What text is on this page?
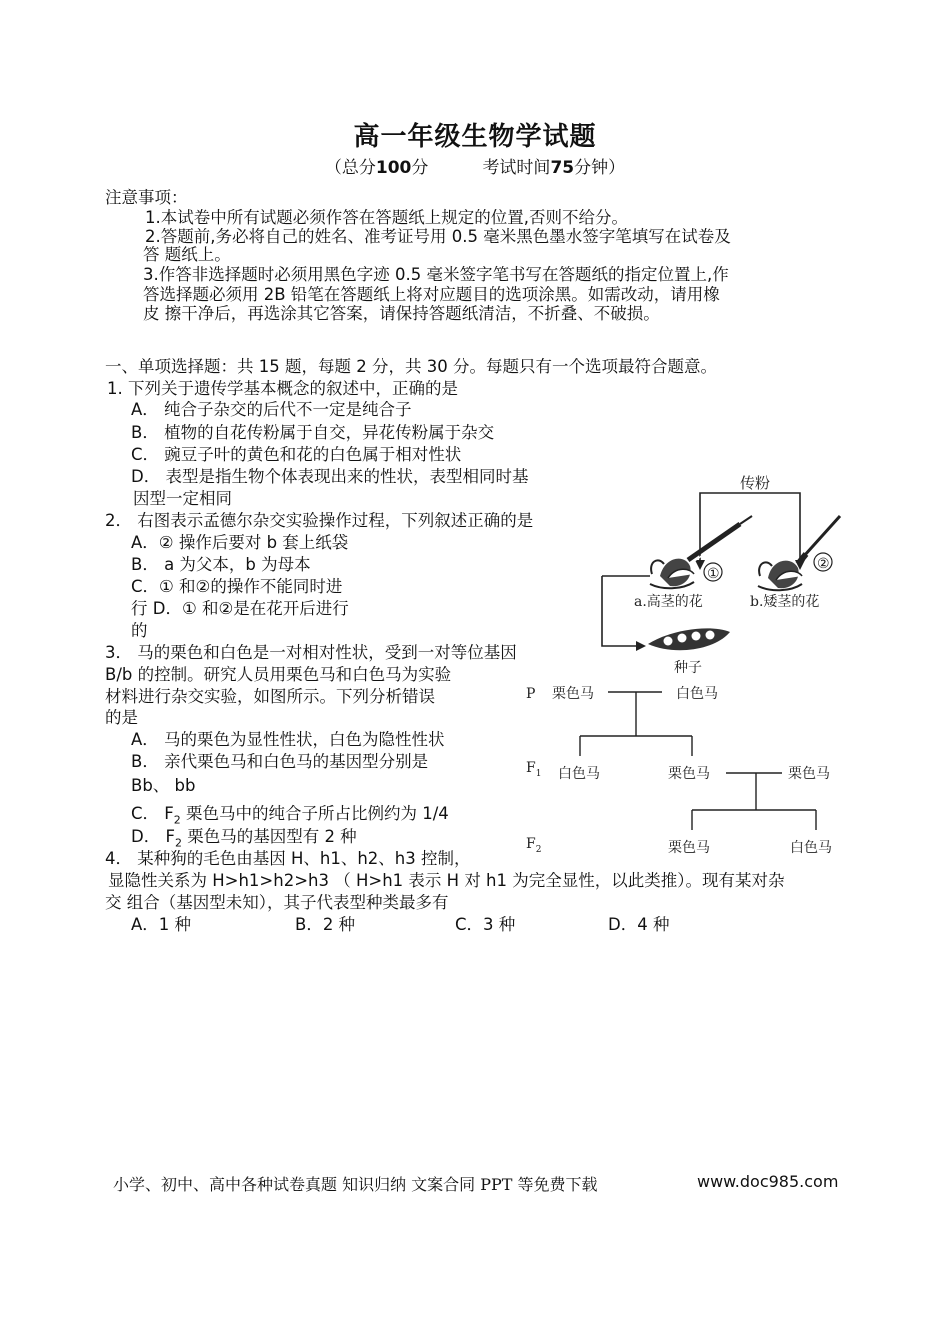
高一年级生物学试题
（总分100分	考试时间75分钟）
注意事项：
1.本试卷中所有试题必须作答在答题纸上规定的位置,否则不给分。
2.答题前,务必将自己的姓名、准考证号用 0.5 毫米黑色墨水签字笔填写在试卷及
答 题纸上。
3.作答非选择题时必须用黑色字迹 0.5 毫米签字笔书写在答题纸的指定位置上,作
答选择题必须用 2B 铅笔在答题纸上将对应题目的选项涂黑。如需改动，请用橡
皮 擦干净后，再选涂其它答案，请保持答题纸清洁，不折叠、不破损。
一、单项选择题：共 15 题，每题 2 分，共 30 分。每题只有一个选项最符合题意。
1. 下列关于遗传学基本概念的叙述中，正确的是
A． 纯合子杂交的后代不一定是纯合子
B． 植物的自花传粉属于自交，异花传粉属于杂交
C． 豌豆子叶的黄色和花的白色属于相对性状
D． 表型是指生物个体表现出来的性状，表型相同时基
因型一定相同
2． 右图表示孟德尔杂交实验操作过程，下列叙述正确的是
A．② 操作后要对 b 套上纸袋
B． a 为父本，b 为母本
C．① 和②的操作不能同时进
行 D．① 和②是在花开后进行
的
3． 马的栗色和白色是一对相对性状，受到一对等位基因
B/b 的控制。研究人员用栗色马和白色马为实验
材料进行杂交实验，如图所示。下列分析错误
的是
A． 马的栗色为显性性状，白色为隐性性状
B． 亲代栗色马和白色马的基因型分别是
Bb、 bb
C． $F_2$ 栗色马中的纯合子所占比例约为 1/4
D． $F_2$ 栗色马的基因型有 2 种
4． 某种狗的毛色由基因 H、h1、h2、h3 控制，
显隐性关系为 H>h1>h2>h3 （ H>h1 表示 H 对 h1 为完全显性，以此类推）。现有某对杂
交 组合（基因型未知），其子代表型种类最多有
A．1 种	B．2 种	C．3 种	D．4 种
传粉
①
②
a.高茎的花	b.矮茎的花
种子
P 栗色马	白色马
$F_1$ 白色马	栗色马	栗色马
$F_2$	栗色马	白色马
小学、初中、高中各种试卷真题 知识归纳 文案合同 PPT 等免费下载	www.doc985.com
